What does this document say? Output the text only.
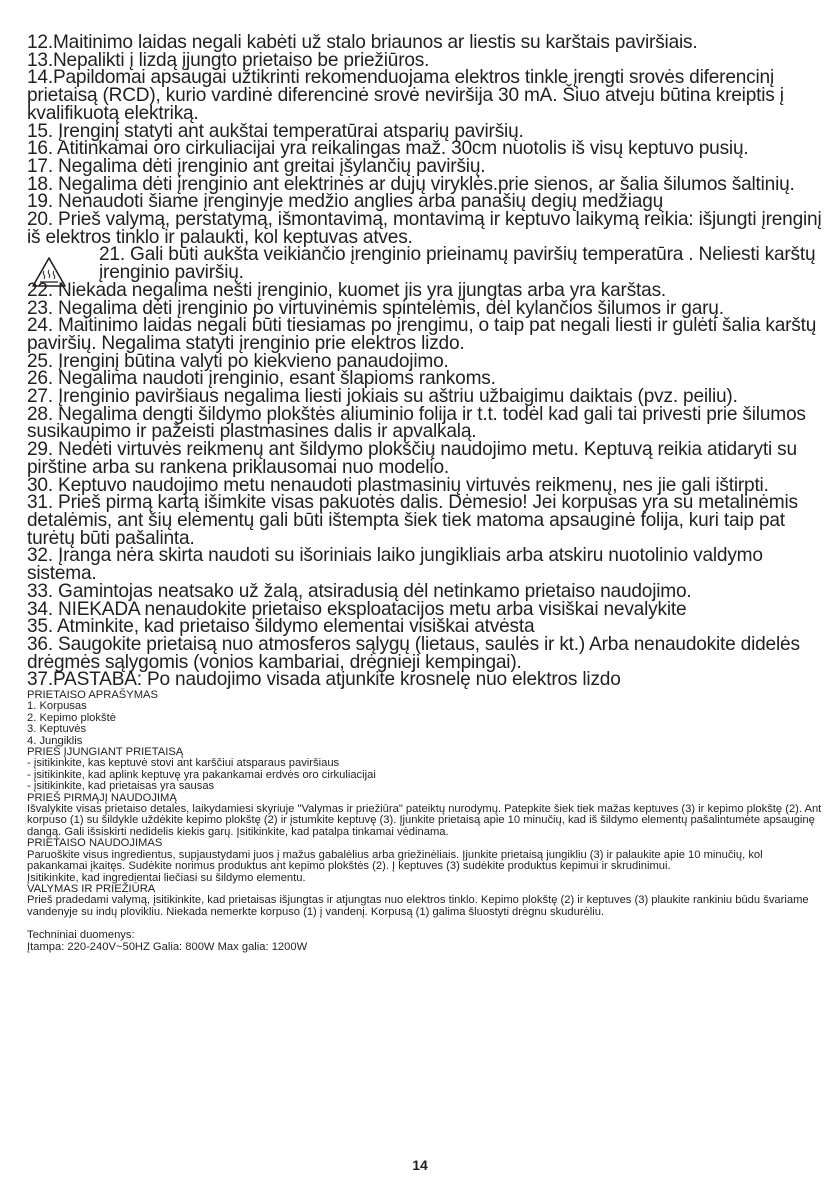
12.Maitinimo laidas negali kabėti už stalo briaunos ar liestis su karštais paviršiais.

13.Nepalikti į lizdą įjungto prietaiso be priežiūros.

14.Papildomai apsaugai užtikrinti rekomenduojama elektros tinkle įrengti srovės diferencinį prietaisą (RCD), kurio vardinė diferencinė srovė neviršija 30 mA. Šiuo atveju būtina kreiptis į kvalifikuotą elektriką.

15. Įrenginį statyti ant aukštai temperatūrai atsparių paviršių.

16. Atitinkamai oro cirkuliacijai yra reikalingas mаž. 30cm nuotolis iš visų keptuvo pusių.

17. Negalima dėti įrenginio ant greitai įšylančių paviršių.

18. Negalima dėti įrenginio ant elektrinės ar dujų viryklės.prie sienos, ar šalia šilumos šaltinių.

19. Nenaudoti šiame įrenginyje medžio anglies arba panašių degių medžiagų

20. Prieš valymą, perstatymą, išmontavimą, montavimą ir keptuvo laikymą reikia: išjungti įrenginį iš elektros tinklo ir palaukti, kol keptuvas atves.

21. Gali būti aukšta veikiančio įrenginio prieinamų paviršių temperatūra . Neliesti karštų įrenginio paviršių.

22. Niekada negalima nešti įrenginio, kuomet jis yra įjungtas arba yra karštas.

23. Negalima dėti įrenginio po virtuvinėmis spintelėmis, dėl kylančios šilumos ir garų.

24. Maitinimo laidas negali būti tiesiamas po įrengimu, o taip pat negali liesti ir gulėti šalia karštų paviršių. Negalima statyti įrenginio prie elektros lizdo.

25. Įrenginį būtina valyti po kiekvieno panaudojimo.

26. Negalima naudoti įrenginio, esant šlapioms rankoms.

27. Įrenginio paviršiaus negalima liesti jokiais su aštriu užbaigimu daiktais (pvz. peiliu).

28. Negalima dengti šildymo plokštės aliuminio folija ir t.t. todėl kad gali tai privesti prie šilumos susikaupimo ir pažeisti plastmasines dalis ir apvalkalą.

29. Nedėti virtuvės reikmenų ant šildymo plokščių naudojimo metu. Keptuvą reikia atidaryti su pirštine arba su rankena priklausomai nuo modelio.

30. Keptuvo naudojimo metu nenaudoti plastmasinių virtuvės reikmenų, nes jie gali ištirpti.

31. Prieš pirmą kartą išimkite visas pakuotės dalis. Dėmesio! Jei korpusas yra su metalinėmis detalėmis, ant šių elementų gali būti ištempta šiek tiek matoma apsauginė folija, kuri taip pat turėtų būti pašalinta.

32. Įranga nėra skirta naudoti su išoriniais laiko jungikliais arba atskiru nuotolinio valdymo sistema.

33. Gamintojas neatsako už žalą, atsiradusią dėl netinkamo prietaiso naudojimo.

34. NIEKADA nenaudokite prietaiso eksploatacijos metu arba visiškai nevalykite

35. Atminkite, kad prietaiso šildymo elementai visiškai atvėsta

36. Saugokite prietaisą nuo atmosferos sąlygų (lietaus, saulės ir kt.) Arba nenaudokite didelės drėgmės sąlygomis (vonios kambariai, drėgnieji kempingai).

37.PASTABA: Po naudojimo visada atjunkite krosnelę nuo elektros lizdo

PRIETAISO APRAŠYMAS

1. Korpusas

2. Kepimo plokštė

3. Keptuvės

4. Jungiklis

PRIEŠ ĮJUNGIANT PRIETAISĄ

- įsitikinkite, kas keptuvė stovi ant karščiui atsparaus paviršiaus

- įsitikinkite, kad aplink keptuvę yra pakankamai erdvės oro cirkuliacijai

- įsitikinkite, kad prietaisas yra sausas

PRIEŠ PIRMĄJĮ NAUDOJIMĄ

Išvalykite visas prietaiso detales, laikydamiesi skyriuje "Valymas ir priežiūra" pateiktų nurodymų. Patepkite šiek tiek mažas keptuves (3) ir kepimo plokštę (2). Ant korpuso (1) su šildykle uždėkite kepimo plokštę (2) ir įstumkite keptuvę (3). Įjunkite prietaisą apie 10 minučių, kad iš šildymo elementų pašalintumėte apsauginę dangą. Gali išsiskirti nedidelis kiekis garų. Įsitikinkite, kad patalpa tinkamai vėdinama.

PRIETAISO NAUDOJIMAS

Paruoškite visus ingredientus, supjaustydami juos į mažus gabalėlius arba griežinėliais. Įjunkite prietaisą jungikliu (3) ir palaukite apie 10 minučių, kol pakankamai įkaitęs. Sudėkite norimus produktus ant kepimo plokštės (2). Į keptuves (3) sudėkite produktus kepimui ir skrudinimui.

Įsitikinkite, kad ingredientai liečiasi su šildymo elementu.

VALYMAS IR PRIEŽIŪRA

Prieš pradedami valymą, įsitikinkite, kad prietaisas išjungtas ir atjungtas nuo elektros tinklo. Kepimo plokštę (2) ir keptuves (3) plaukite rankiniu būdu švariame vandenyje su indų plovikliu. Niekada nemerkte korpuso (1) į vandenį. Korpusą (1) galima šluostyti drėgnu skudurėliu.

Techniniai duomenys:

Įtampa: 220-240V~50HZ Galia: 800W Max galia: 1200W

14
